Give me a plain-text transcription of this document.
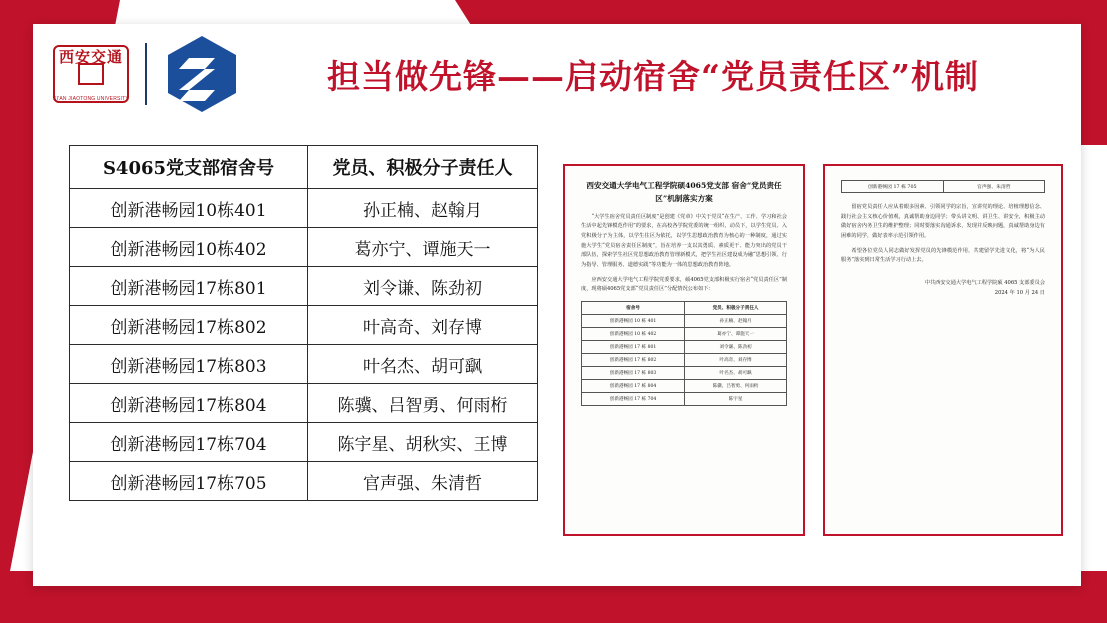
西安交通
XI'AN JIAOTONG UNIVERSITY
担当做先锋——启动宿舍“党员责任区”机制
S4065党支部宿舍号	党员、积极分子责任人
创新港畅园10栋401	孙正楠、赵翰月
创新港畅园10栋402	葛亦宁、谭施天一
创新港畅园17栋801	刘令谦、陈劲初
创新港畅园17栋802	叶高奇、刘存博
创新港畅园17栋803	叶名杰、胡可飖
创新港畅园17栋804	陈骥、吕智勇、何雨桁
创新港畅园17栋704	陈宇星、胡秋实、王博
创新港畅园17栋705	官声强、朱清哲
西安交通大学电气工程学院硕4065党支部 宿舍“党员责任区”机制落实方案

“大学生宿舍党员责任区制度”是创建《党章》中关于党员“在生产、工作、学习和社会生活中起先锋模范作用”的要求，在高校各学院党委的统一组织、动员下，以学生党员、入党积极分子为主体，以学生住区为依托，以学生思想政治教育为核心的一种制度，通过实施大学生“党员宿舍责任区制度”，旨在培养一支以其勇质、素质更干、能力突出的党员干部队伍，探索学生社区党思想政治教育管理新模式，把学生社区建设成为融“思想引领、行为指导、管理服务、道德实践”等功能为一体的思想政治教育阵地。

应西安交通大学电气工程学院党委要求，硕4065党支部积极实行宿舍“党员责任区”制度，现将硕4065党支部“党员责任区”分配情况公布如下：

宿舍号	党员、积极分子责任人
创新港畅园 10 栋 401	孙正楠、赵翰月
创新港畅园 10 栋 402	葛亦宁、谭施天一
创新港畅园 17 栋 801	刘令谦、陈劲初
创新港畅园 17 栋 802	叶高奇、刘存博
创新港畅园 17 栋 803	叶名杰、胡可飖
创新港畅园 17 栋 804	陈骥、吕智勇、何雨桁
创新港畅园 17 栋 704	陈宇星
创新港畅园 17 栋 705	官声强、朱清哲

留宿党员责任人应从着眼多因素、引领同学的宗旨，宣讲党的理论、培植理想信念、践行社会主义核心价值观，真诚帮助身边同学；带头讲文明、讲卫生、讲安全，积极主动做好宿舍内务卫生的维护整理；同时要落实沟通诉求，发现并反映问题，真诚帮助身边有困难的同学，做好表率示范引领作用。

希望各位党员人同志做好发挥党员的先锋模范作用，共建留学先进文化，将“为人民服务”落实到日常生活学习行动上去。

中共西安交通大学电气工程学院硕 4065 支部委员会
2024 年 10 月 24 日
